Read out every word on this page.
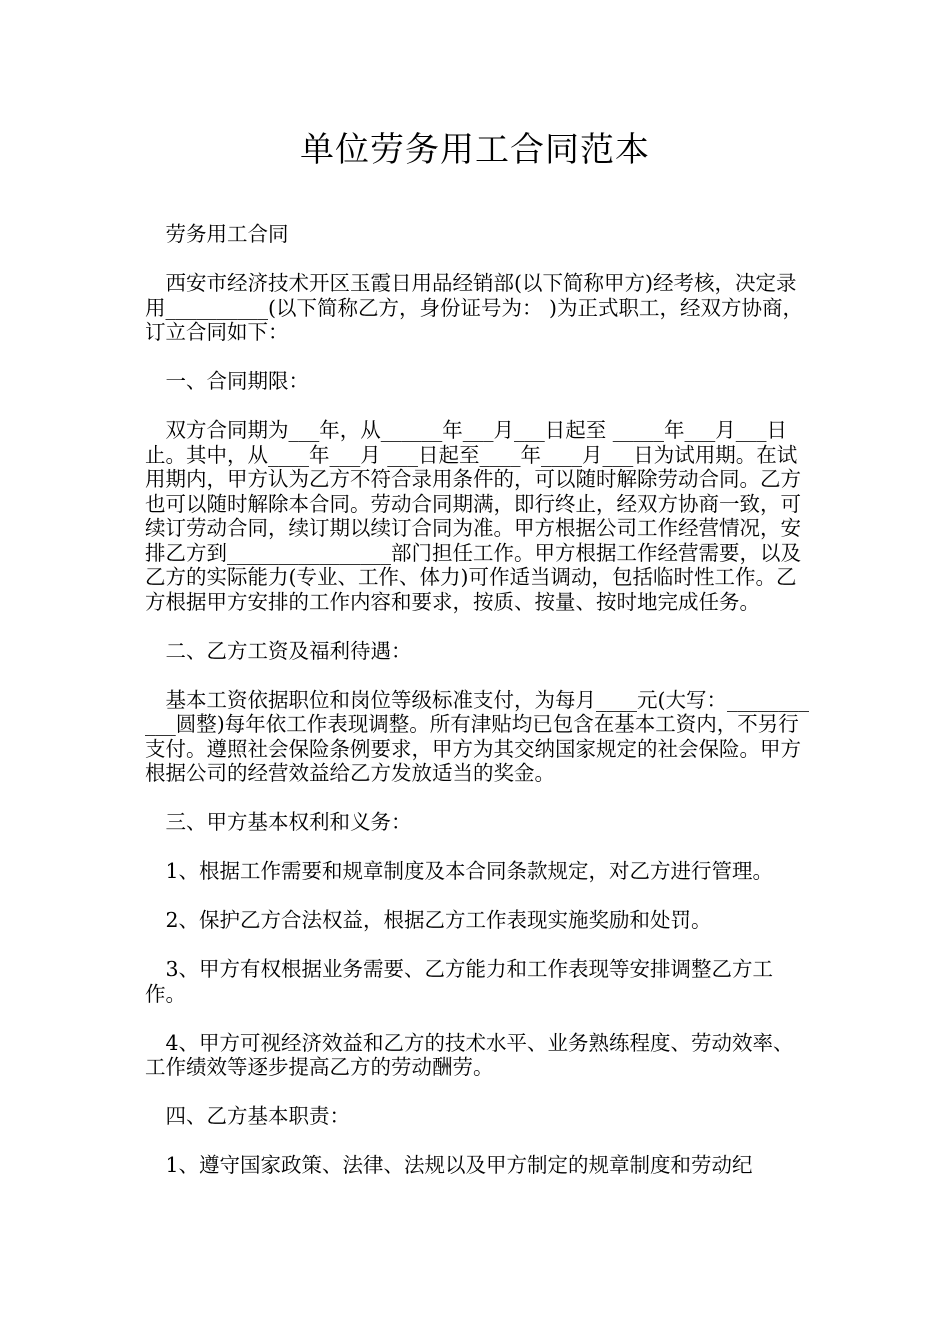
单位劳务用工合同范本

劳务用工合同

西安市经济技术开区玉霞日用品经销部(以下简称甲方)经考核，决定录用__________(以下简称乙方，身份证号为： )为正式职工，经双方协商，订立合同如下：

一、合同期限：

双方合同期为___年，从______年___月___日起至 _____年___月___日止。其中，从____年___月 ___日起至____年____月___日为试用期。在试用期内，甲方认为乙方不符合录用条件的，可以随时解除劳动合同。乙方也可以随时解除本合同。劳动合同期满，即行终止，经双方协商一致，可续订劳动合同，续订期以续订合同为准。甲方根据公司工作经营情况，安排乙方到________________部门担任工作。甲方根据工作经营需要，以及乙方的实际能力(专业、工作、体力)可作适当调动，包括临时性工作。乙方根据甲方安排的工作内容和要求，按质、按量、按时地完成任务。

二、乙方工资及福利待遇：

基本工资依据职位和岗位等级标准支付，为每月____元(大写：___________圆整)每年依工作表现调整。所有津贴均已包含在基本工资内，不另行支付。遵照社会保险条例要求，甲方为其交纳国家规定的社会保险。甲方根据公司的经营效益给乙方发放适当的奖金。

三、甲方基本权利和义务：

1、根据工作需要和规章制度及本合同条款规定，对乙方进行管理。

2、保护乙方合法权益，根据乙方工作表现实施奖励和处罚。

3、甲方有权根据业务需要、乙方能力和工作表现等安排调整乙方工作。

4、甲方可视经济效益和乙方的技术水平、业务熟练程度、劳动效率、工作绩效等逐步提高乙方的劳动酬劳。

四、乙方基本职责：

1、遵守国家政策、法律、法规以及甲方制定的规章制度和劳动纪
